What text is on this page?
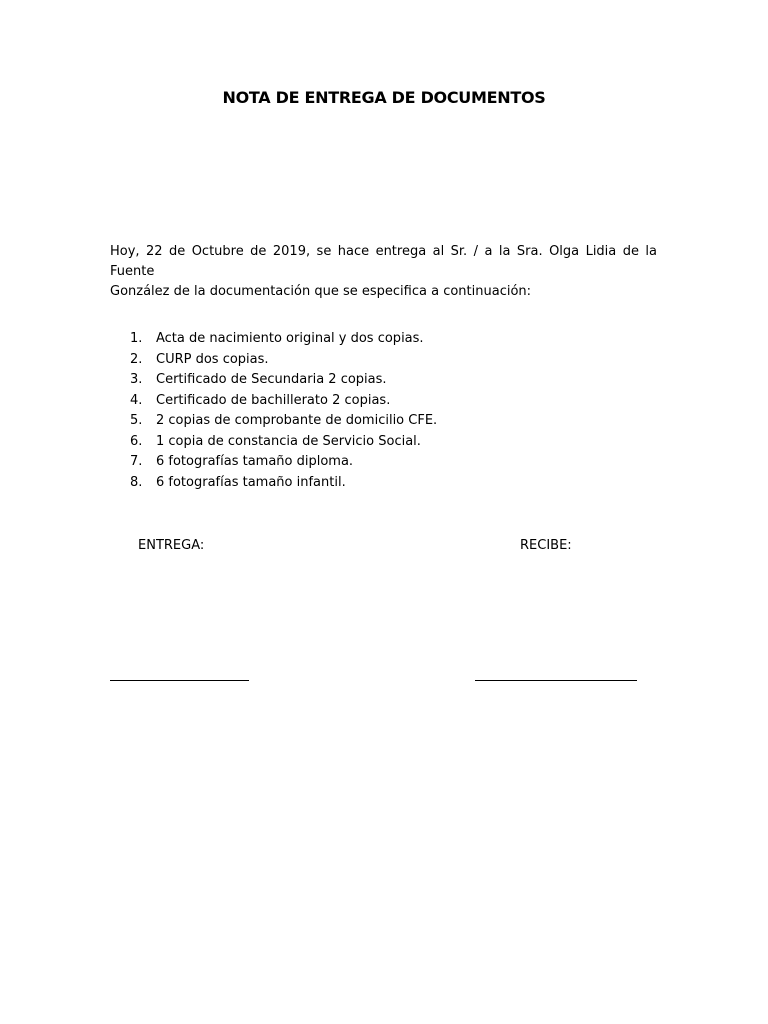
NOTA DE ENTREGA DE DOCUMENTOS
Hoy, 22 de Octubre de 2019, se hace entrega al Sr. / a la Sra. Olga Lidia de la Fuente
González de la documentación que se especifica a continuación:
1. Acta de nacimiento original y dos copias.
2. CURP dos copias.
3. Certificado de Secundaria 2 copias.
4. Certificado de bachillerato 2 copias.
5. 2 copias de comprobante de domicilio CFE.
6. 1 copia de constancia de Servicio Social.
7. 6 fotografías tamaño diploma.
8. 6 fotografías tamaño infantil.
ENTREGA:	RECIBE:
